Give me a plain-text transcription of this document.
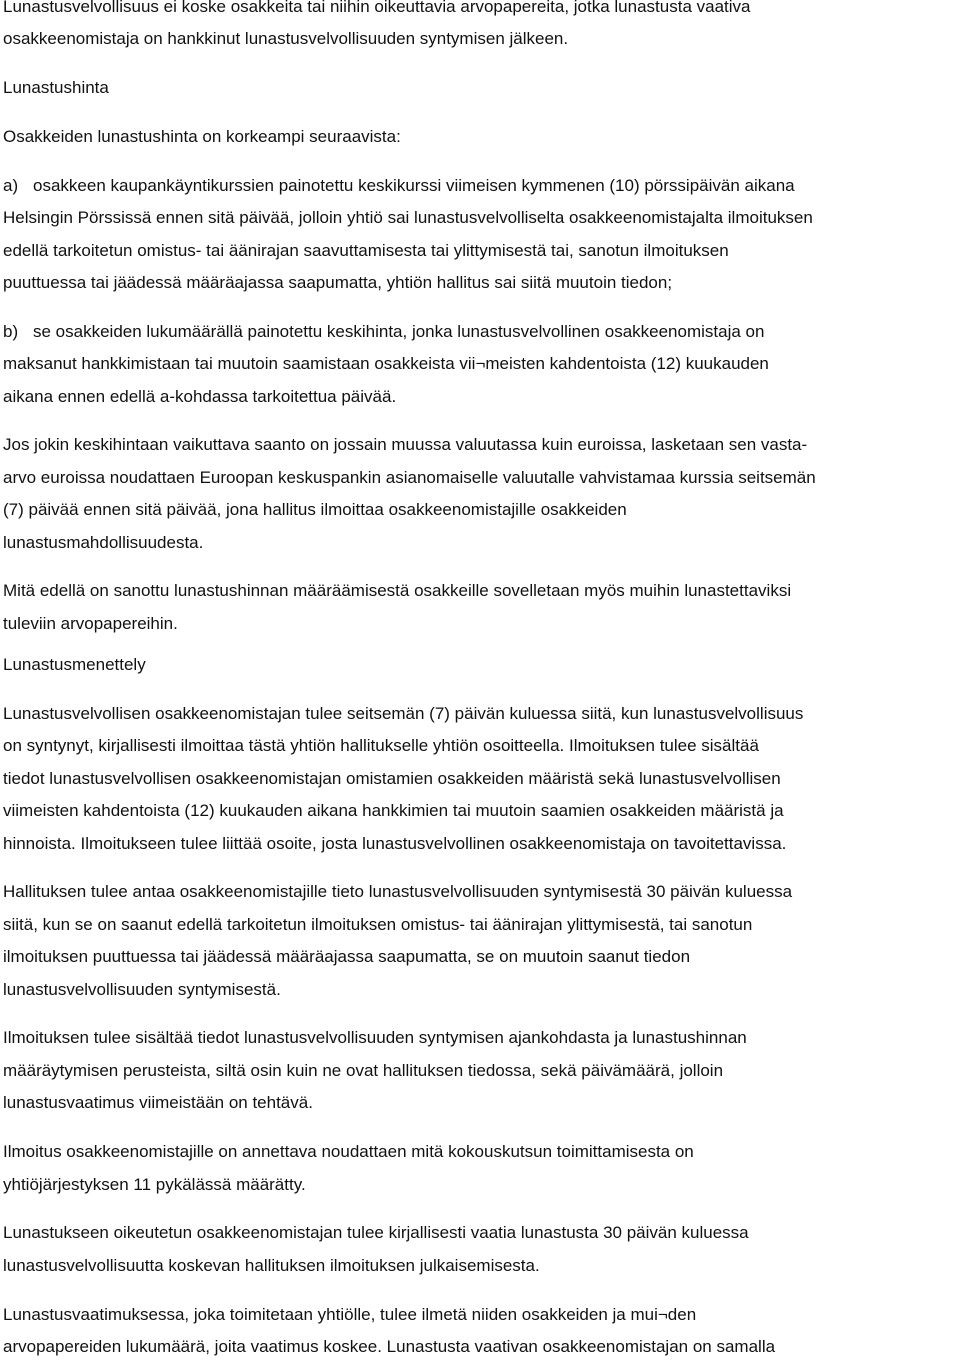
Lunastusvelvollisuus ei koske osakkeita tai niihin oikeuttavia arvopapereita, jotka lunastusta vaativa
osakkeenomistaja on hankkinut lunastusvelvollisuuden syntymisen jälkeen.

Lunastushinta

Osakkeiden lunastushinta on korkeampi seuraavista:

a) osakkeen kaupankäyntikurssien painotettu keskikurssi viimeisen kymmenen (10) pörssipäivän aikana
Helsingin Pörssissä ennen sitä päivää, jolloin yhtiö sai lunastusvelvolliselta osakkeenomistajalta ilmoituksen
edellä tarkoitetun omistus- tai äänirajan saavuttamisesta tai ylittymisestä tai, sanotun ilmoituksen
puuttuessa tai jäädessä määräajassa saapumatta, yhtiön hallitus sai siitä muutoin tiedon;

b) se osakkeiden lukumäärällä painotettu keskihinta, jonka lunastusvelvollinen osakkeenomistaja on
maksanut hankkimistaan tai muutoin saamistaan osakkeista vii¬meisten kahdentoista (12) kuukauden
aikana ennen edellä a-kohdassa tarkoitettua päivää.

Jos jokin keskihintaan vaikuttava saanto on jossain muussa valuutassa kuin euroissa, lasketaan sen vasta-
arvo euroissa noudattaen Euroopan keskuspankin asianomaiselle valuutalle vahvistamaa kurssia seitsemän
(7) päivää ennen sitä päivää, jona hallitus ilmoittaa osakkeenomistajille osakkeiden
lunastusmahdollisuudesta.

Mitä edellä on sanottu lunastushinnan määräämisestä osakkeille sovelletaan myös muihin lunastettaviksi
tuleviin arvopapereihin.

Lunastusmenettely

Lunastusvelvollisen osakkeenomistajan tulee seitsemän (7) päivän kuluessa siitä, kun lunastusvelvollisuus
on syntynyt, kirjallisesti ilmoittaa tästä yhtiön hallitukselle yhtiön osoitteella. Ilmoituksen tulee sisältää
tiedot lunastusvelvollisen osakkeenomistajan omistamien osakkeiden määristä sekä lunastusvelvollisen
viimeisten kahdentoista (12) kuukauden aikana hankkimien tai muutoin saamien osakkeiden määristä ja
hinnoista. Ilmoitukseen tulee liittää osoite, josta lunastusvelvollinen osakkeenomistaja on tavoitettavissa.

Hallituksen tulee antaa osakkeenomistajille tieto lunastusvelvollisuuden syntymisestä 30 päivän kuluessa
siitä, kun se on saanut edellä tarkoitetun ilmoituksen omistus- tai äänirajan ylittymisestä, tai sanotun
ilmoituksen puuttuessa tai jäädessä määräajassa saapumatta, se on muutoin saanut tiedon
lunastusvelvollisuuden syntymisestä.

Ilmoituksen tulee sisältää tiedot lunastusvelvollisuuden syntymisen ajankohdasta ja lunastushinnan
määräytymisen perusteista, siltä osin kuin ne ovat hallituksen tiedossa, sekä päivämäärä, jolloin
lunastusvaatimus viimeistään on tehtävä.

Ilmoitus osakkeenomistajille on annettava noudattaen mitä kokouskutsun toimittamisesta on
yhtiöjärjestyksen 11 pykälässä määrätty.

Lunastukseen oikeutetun osakkeenomistajan tulee kirjallisesti vaatia lunastusta 30 päivän kuluessa
lunastusvelvollisuutta koskevan hallituksen ilmoituksen julkaisemisesta.

Lunastusvaatimuksessa, joka toimitetaan yhtiölle, tulee ilmetä niiden osakkeiden ja mui¬den
arvopapereiden lukumäärä, joita vaatimus koskee. Lunastusta vaativan osakkeenomistajan on samalla
